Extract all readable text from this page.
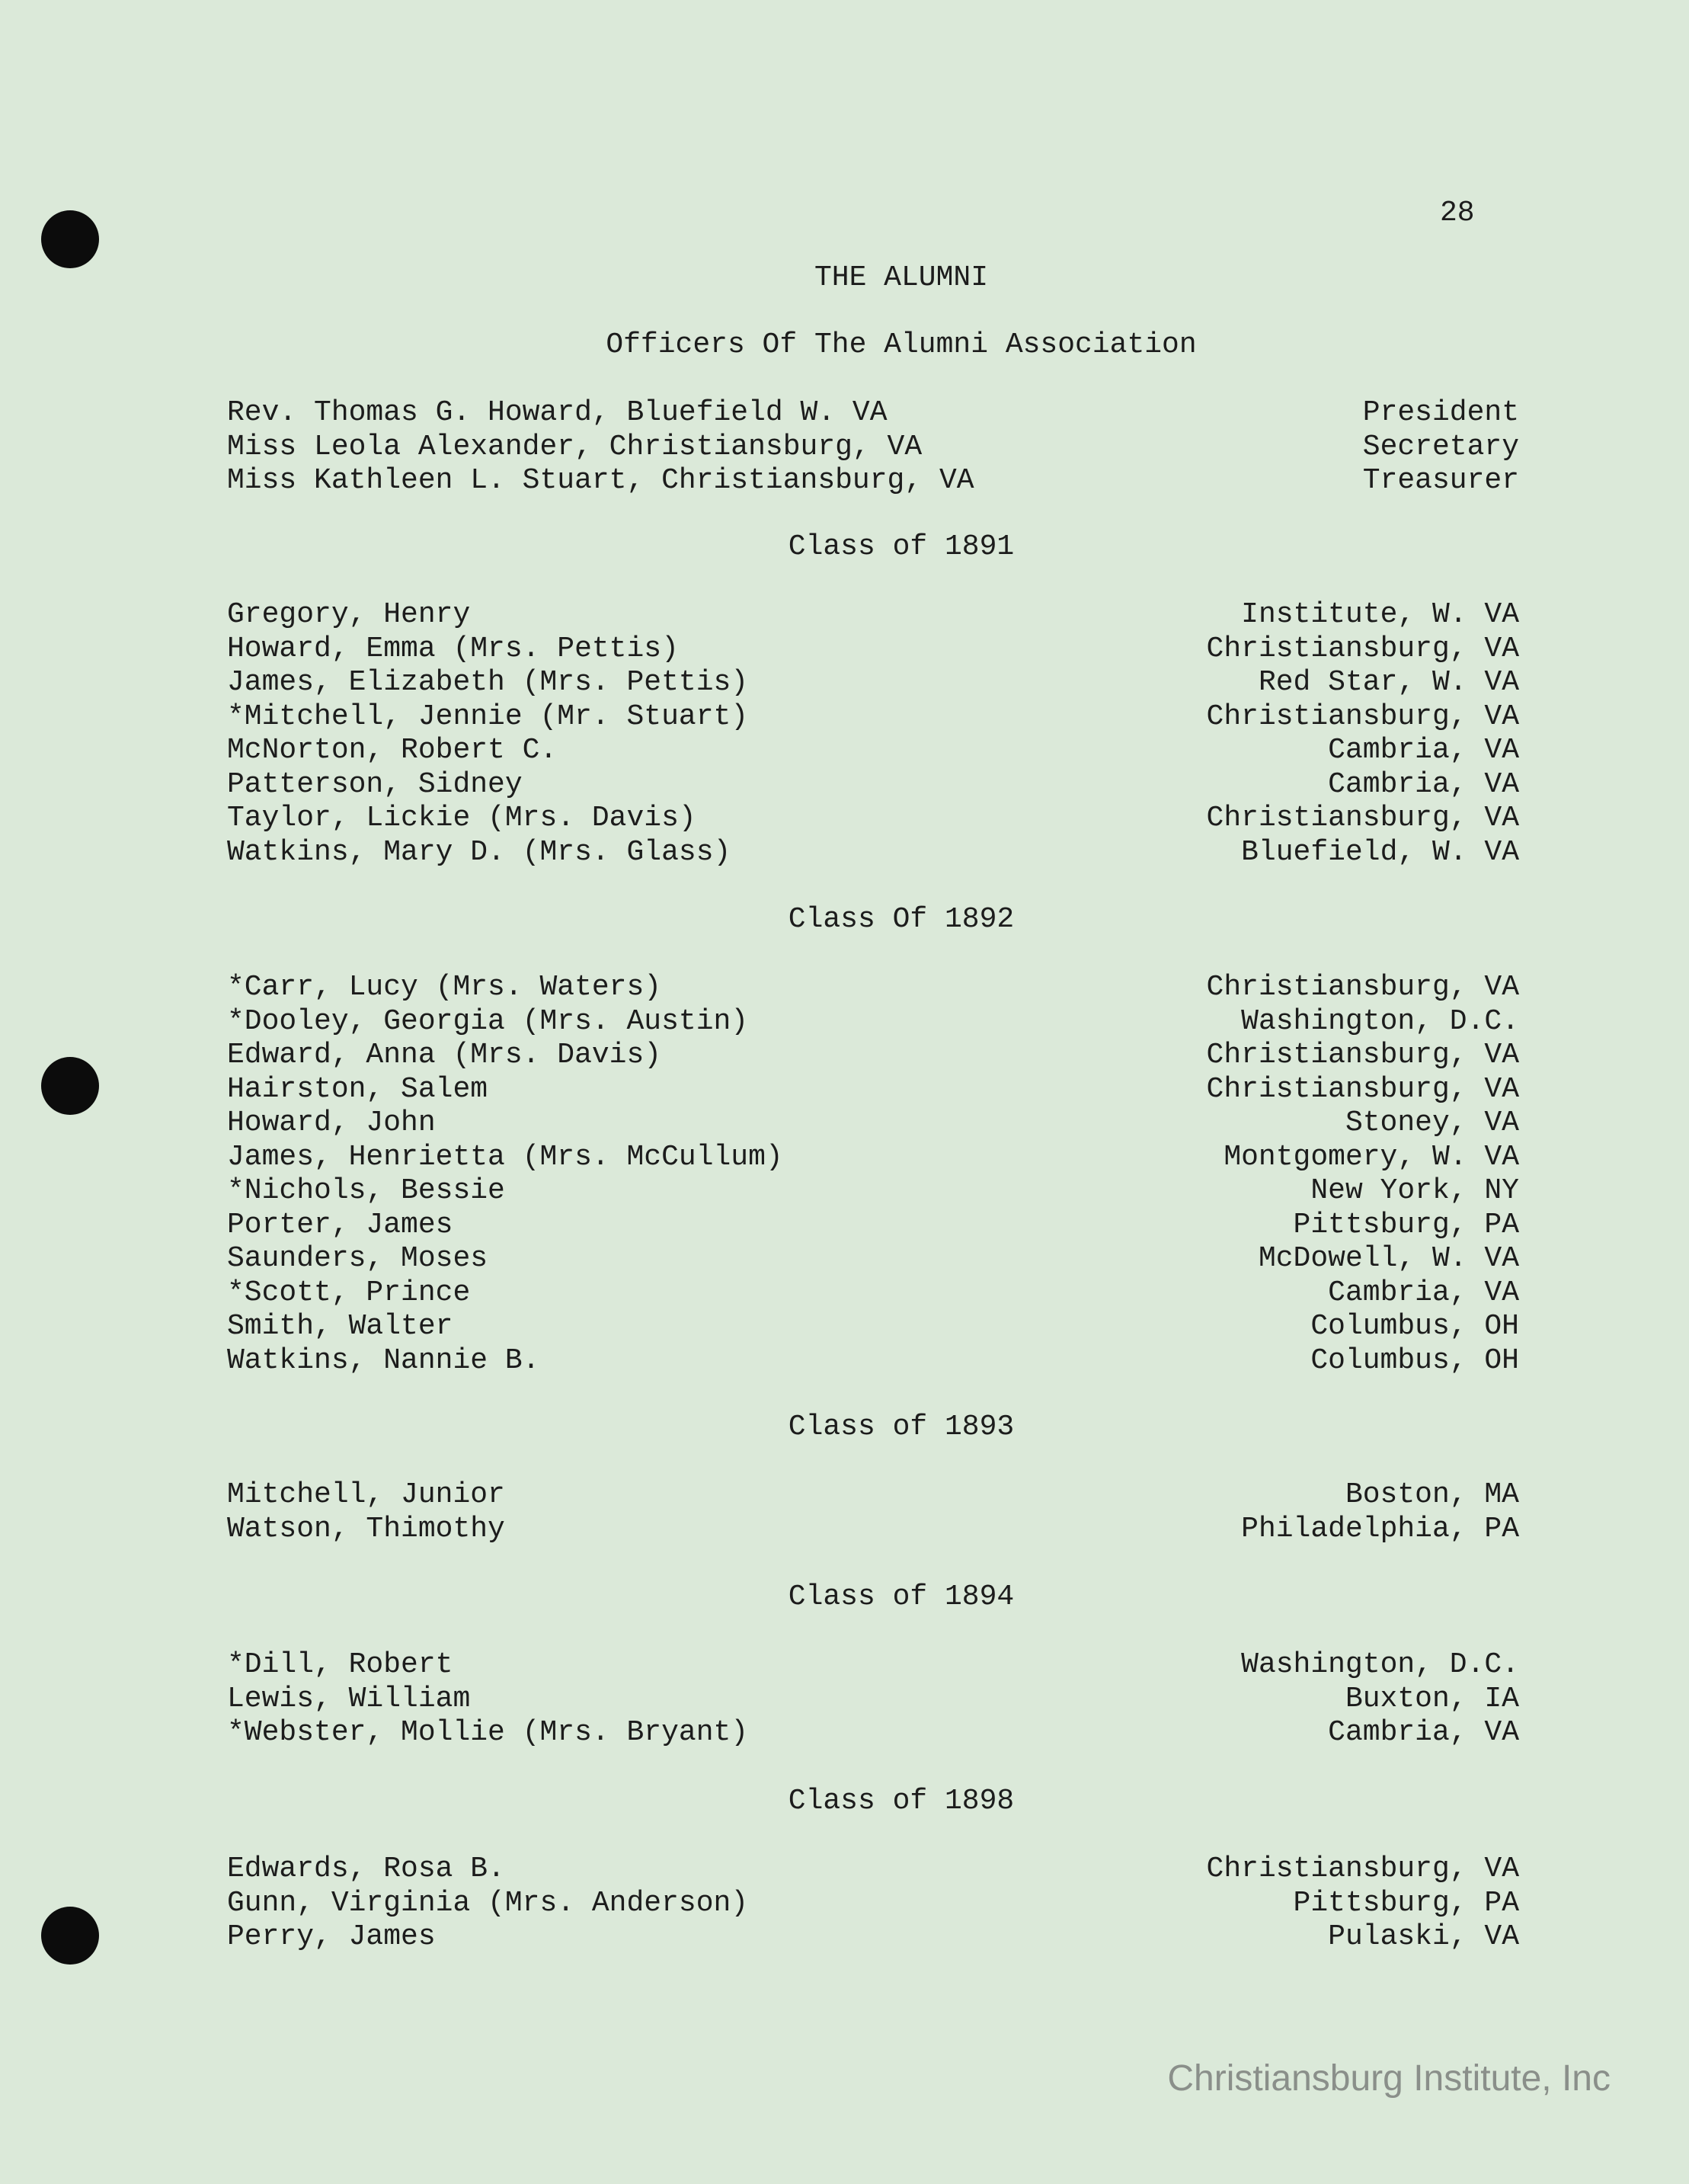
28
THE ALUMNI
Officers Of The Alumni Association
Rev. Thomas G. Howard, Bluefield W. VA	President
Miss Leola Alexander, Christiansburg, VA	Secretary
Miss Kathleen L. Stuart, Christiansburg, VA	Treasurer
Class of 1891
Gregory, Henry	Institute, W. VA
Howard, Emma (Mrs. Pettis)	Christiansburg, VA
James, Elizabeth (Mrs. Pettis)	Red Star, W. VA
*Mitchell, Jennie (Mr. Stuart)	Christiansburg, VA
McNorton, Robert C.	Cambria, VA
Patterson, Sidney	Cambria, VA
Taylor, Lickie (Mrs. Davis)	Christiansburg, VA
Watkins, Mary D. (Mrs. Glass)	Bluefield, W. VA
Class Of 1892
*Carr, Lucy (Mrs. Waters)	Christiansburg, VA
*Dooley, Georgia (Mrs. Austin)	Washington, D.C.
Edward, Anna (Mrs. Davis)	Christiansburg, VA
Hairston, Salem	Christiansburg, VA
Howard, John	Stoney, VA
James, Henrietta (Mrs. McCullum)	Montgomery, W. VA
*Nichols, Bessie	New York, NY
Porter, James	Pittsburg, PA
Saunders, Moses	McDowell, W. VA
*Scott, Prince	Cambria, VA
Smith, Walter	Columbus, OH
Watkins, Nannie B.	Columbus, OH
Class of 1893
Mitchell, Junior	Boston, MA
Watson, Thimothy	Philadelphia, PA
Class of 1894
*Dill, Robert	Washington, D.C.
Lewis, William	Buxton, IA
*Webster, Mollie (Mrs. Bryant)	Cambria, VA
Class of 1898
Edwards, Rosa B.	Christiansburg, VA
Gunn, Virginia (Mrs. Anderson)	Pittsburg, PA
Perry, James	Pulaski, VA
Christiansburg Institute, Inc
